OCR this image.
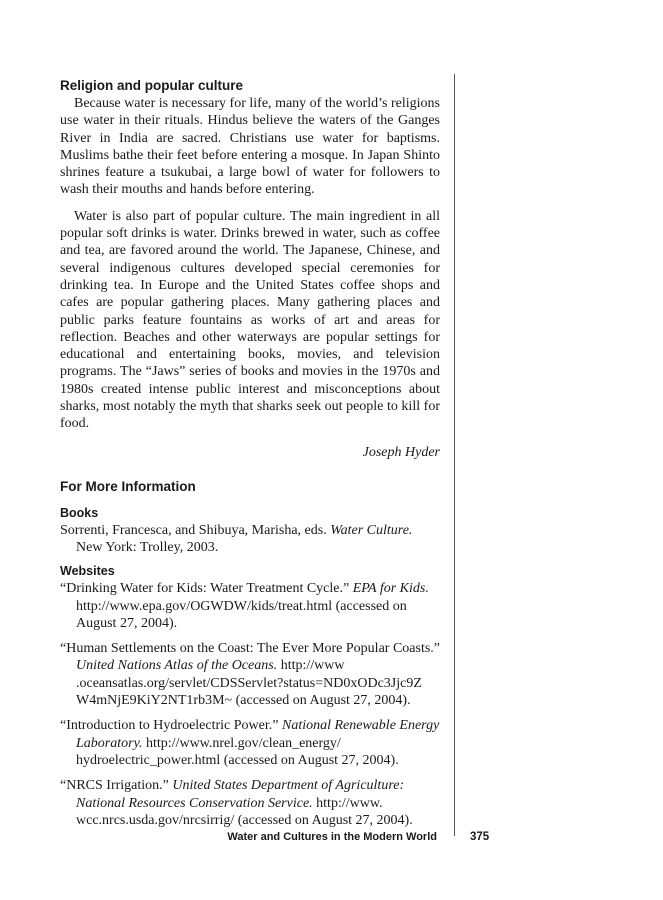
Religion and popular culture

Because water is necessary for life, many of the world’s religions use water in their rituals. Hindus believe the waters of the Ganges River in India are sacred. Christians use water for baptisms. Muslims bathe their feet before entering a mosque. In Japan Shinto shrines feature a tsukubai, a large bowl of water for followers to wash their mouths and hands before entering.

Water is also part of popular culture. The main ingredient in all popular soft drinks is water. Drinks brewed in water, such as coffee and tea, are favored around the world. The Japanese, Chinese, and several indigenous cultures developed special ceremonies for drinking tea. In Europe and the United States coffee shops and cafes are popular gathering places. Many gathering places and public parks feature fountains as works of art and areas for reflection. Beaches and other waterways are popular settings for educational and entertaining books, movies, and television programs. The “Jaws” series of books and movies in the 1970s and 1980s created intense public interest and misconceptions about sharks, most notably the myth that sharks seek out people to kill for food.

Joseph Hyder

For More Information
Books

Sorrenti, Francesca, and Shibuya, Marisha, eds. Water Culture. New York: Trolley, 2003.

Websites

“Drinking Water for Kids: Water Treatment Cycle.” EPA for Kids. http://www.epa.gov/OGWDW/kids/treat.html (accessed on August 27, 2004).

“Human Settlements on the Coast: The Ever More Popular Coasts.” United Nations Atlas of the Oceans. http://www .oceansatlas.org/servlet/CDSServlet?status=ND0xODc3Jjc9Z W4mNjE9KiY2NT1rb3M~ (accessed on August 27, 2004).

“Introduction to Hydroelectric Power.” National Renewable Energy Laboratory. http://www.nrel.gov/clean_energy/ hydroelectric_power.html (accessed on August 27, 2004).

“NRCS Irrigation.” United States Department of Agriculture: National Resources Conservation Service. http://www. wcc.nrcs.usda.gov/nrcsirrig/ (accessed on August 27, 2004).

Water and Cultures in the Modern World	375
